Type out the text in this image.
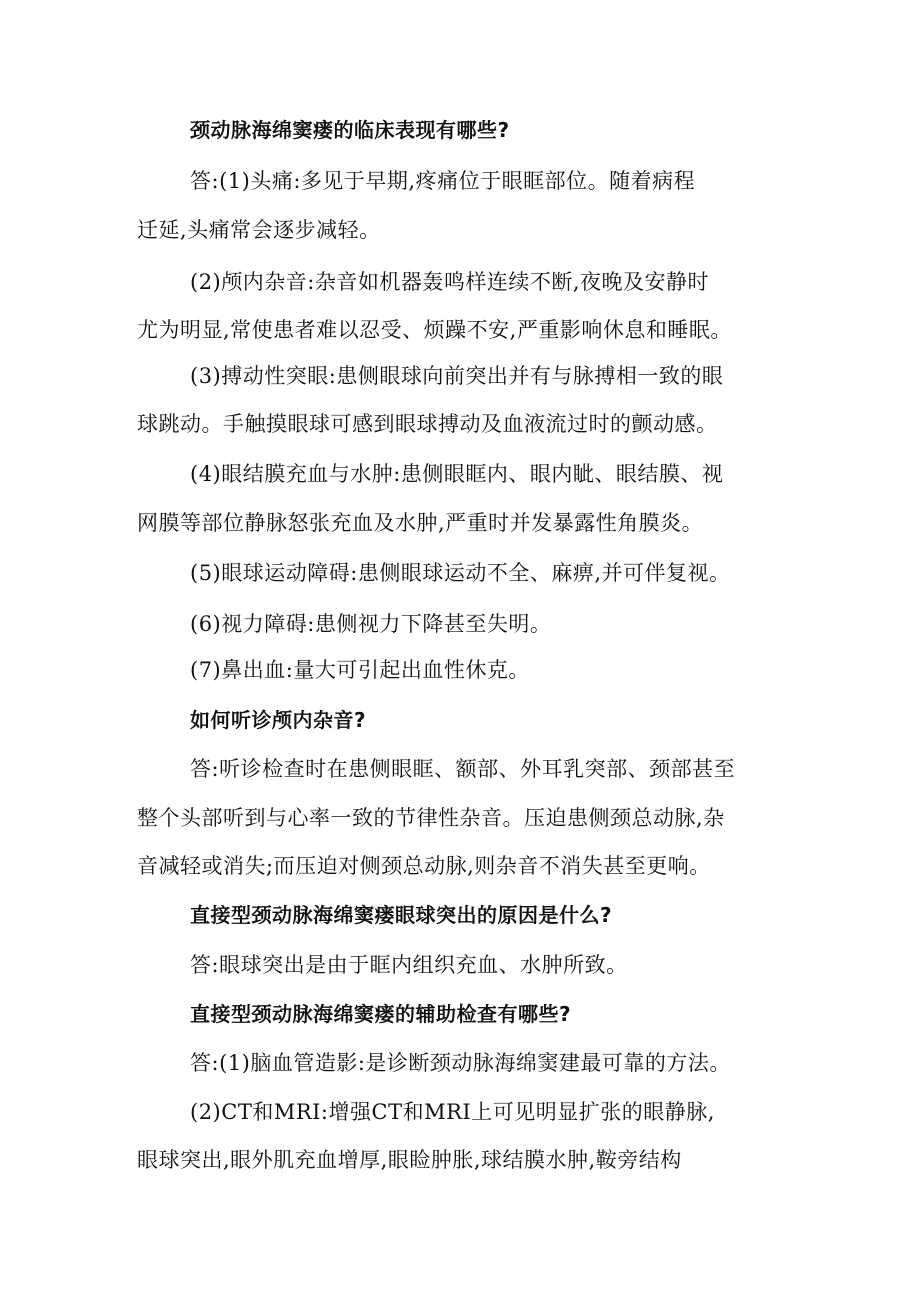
颈动脉海绵窦瘘的临床表现有哪些?
答:(1)头痛:多见于早期,疼痛位于眼眶部位。随着病程
迁延,头痛常会逐步减轻。
(2)颅内杂音:杂音如机器轰鸣样连续不断,夜晚及安静时
尤为明显,常使患者难以忍受、烦躁不安,严重影响休息和睡眠。
(3)搏动性突眼:患侧眼球向前突出并有与脉搏相一致的眼
球跳动。手触摸眼球可感到眼球搏动及血液流过时的颤动感。
(4)眼结膜充血与水肿:患侧眼眶内、眼内眦、眼结膜、视
网膜等部位静脉怒张充血及水肿,严重时并发暴露性角膜炎。
(5)眼球运动障碍:患侧眼球运动不全、麻痹,并可伴复视。
(6)视力障碍:患侧视力下降甚至失明。
(7)鼻出血:量大可引起出血性休克。
如何听诊颅内杂音?
答:听诊检查时在患侧眼眶、额部、外耳乳突部、颈部甚至
整个头部听到与心率一致的节律性杂音。压迫患侧颈总动脉,杂
音减轻或消失;而压迫对侧颈总动脉,则杂音不消失甚至更响。
直接型颈动脉海绵窦瘘眼球突出的原因是什么?
答:眼球突出是由于眶内组织充血、水肿所致。
直接型颈动脉海绵窦瘘的辅助检查有哪些?
答:(1)脑血管造影:是诊断颈动脉海绵窦建最可靠的方法。
(2)CT和MRI:增强CT和MRI上可见明显扩张的眼静脉,
眼球突出,眼外肌充血增厚,眼睑肿胀,球结膜水肿,鞍旁结构
